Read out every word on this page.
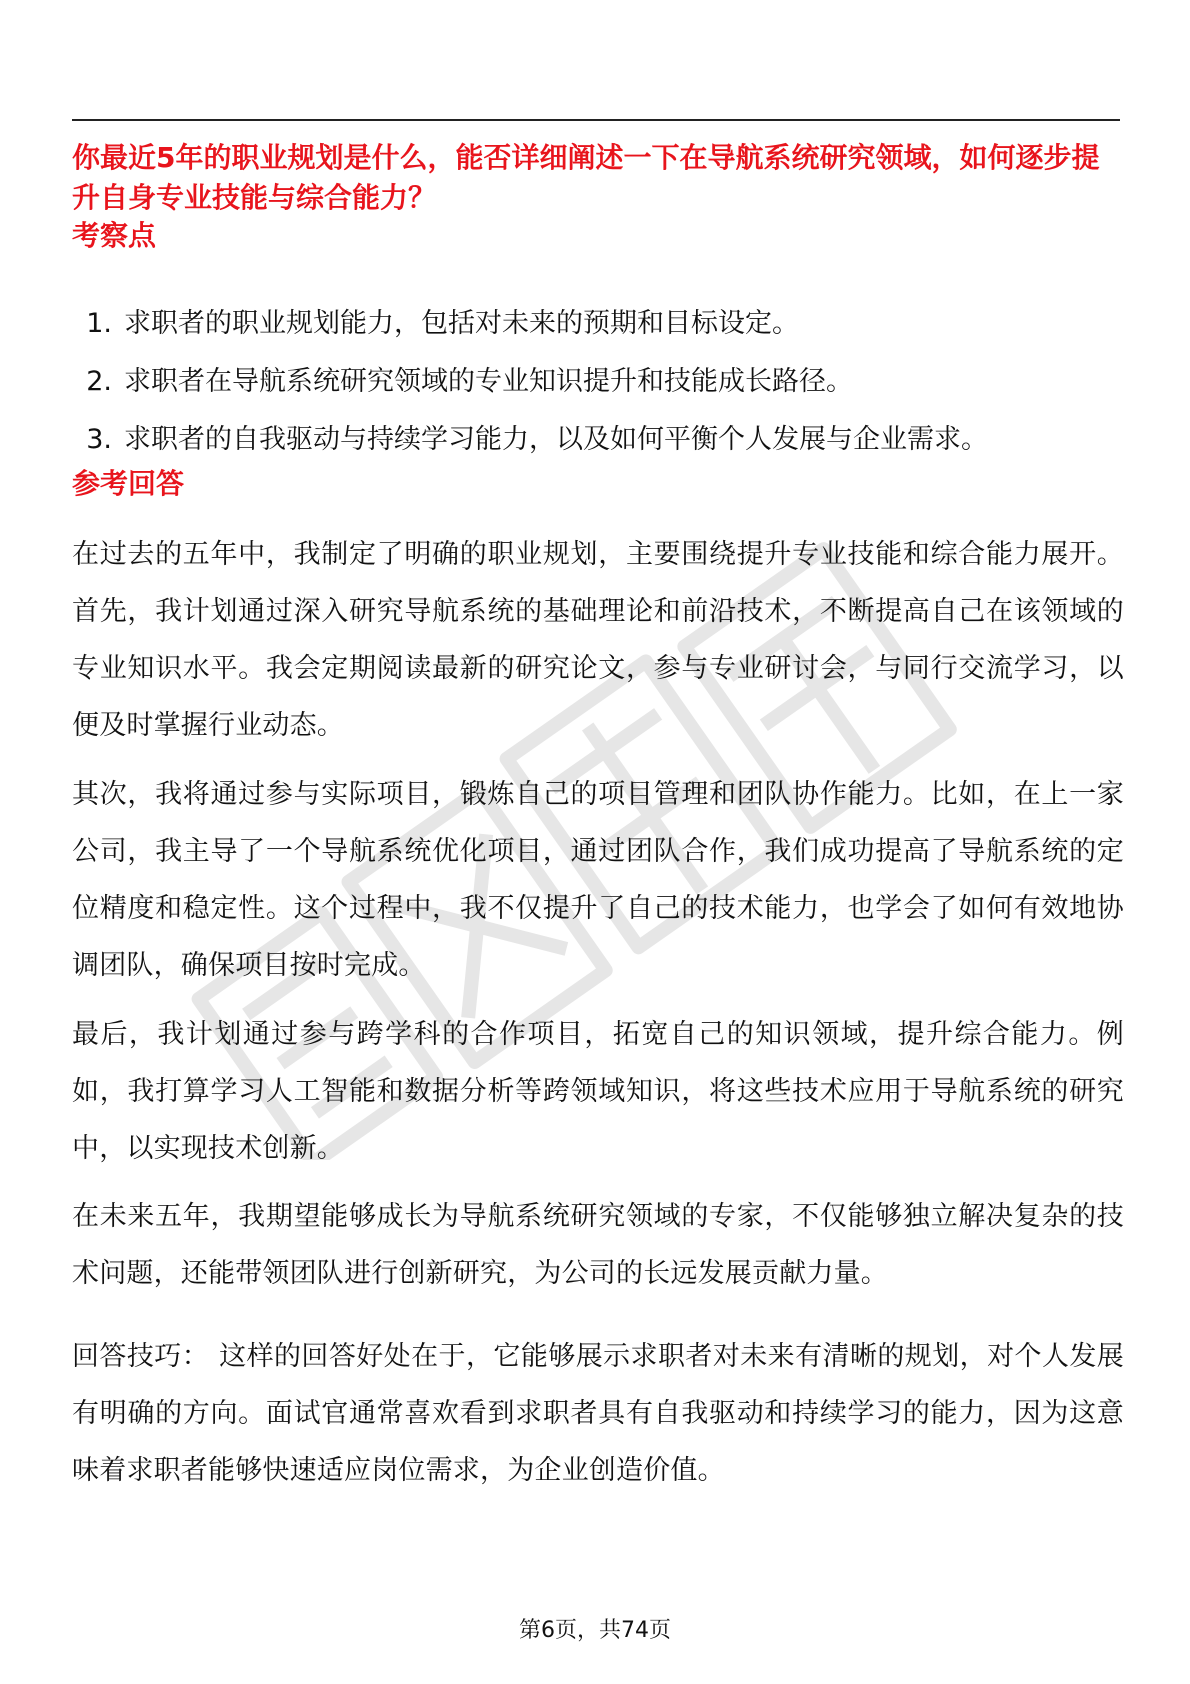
你最近5年的职业规划是什么，能否详细阐述一下在导航系统研究领域，如何逐步提升自身专业技能与综合能力？

考察点
1. 求职者的职业规划能力，包括对未来的预期和目标设定。
2. 求职者在导航系统研究领域的专业知识提升和技能成长路径。
3. 求职者的自我驱动与持续学习能力，以及如何平衡个人发展与企业需求。
参考回答

在过去的五年中，我制定了明确的职业规划，主要围绕提升专业技能和综合能力展开。首先，我计划通过深入研究导航系统的基础理论和前沿技术，不断提高自己在该领域的专业知识水平。我会定期阅读最新的研究论文，参与专业研讨会，与同行交流学习，以便及时掌握行业动态。

其次，我将通过参与实际项目，锻炼自己的项目管理和团队协作能力。比如，在上一家公司，我主导了一个导航系统优化项目，通过团队合作，我们成功提高了导航系统的定位精度和稳定性。这个过程中，我不仅提升了自己的技术能力，也学会了如何有效地协调团队，确保项目按时完成。

最后，我计划通过参与跨学科的合作项目，拓宽自己的知识领域，提升综合能力。例如，我打算学习人工智能和数据分析等跨领域知识，将这些技术应用于导航系统的研究中，以实现技术创新。

在未来五年，我期望能够成长为导航系统研究领域的专家，不仅能够独立解决复杂的技术问题，还能带领团队进行创新研究，为公司的长远发展贡献力量。

回答技巧： 这样的回答好处在于，它能够展示求职者对未来有清晰的规划，对个人发展有明确的方向。面试官通常喜欢看到求职者具有自我驱动和持续学习的能力，因为这意味着求职者能够快速适应岗位需求，为企业创造价值。

第6页，共74页
